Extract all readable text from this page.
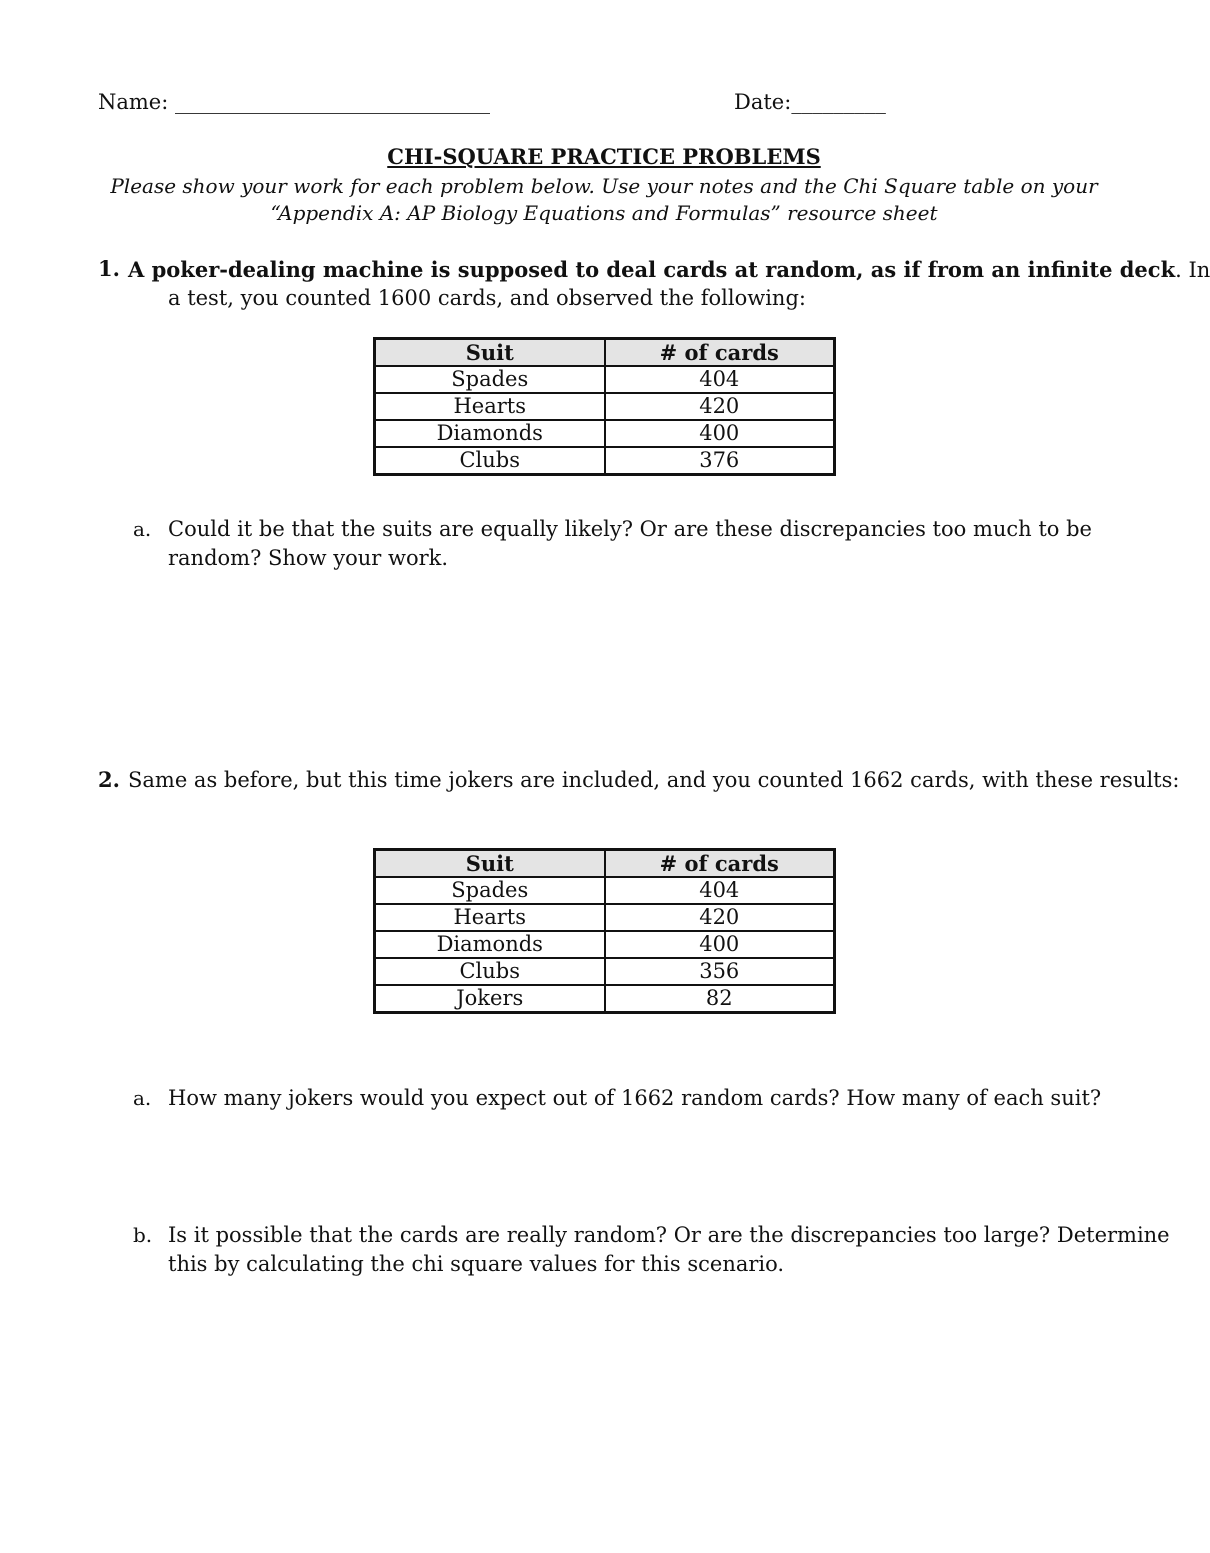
Name: ______________________________	Date:_________
CHI-SQUARE PRACTICE PROBLEMS
Please show your work for each problem below. Use your notes and the Chi Square table on your
“Appendix A: AP Biology Equations and Formulas” resource sheet
1. A poker-dealing machine is supposed to deal cards at random, as if from an infinite deck. In
a test, you counted 1600 cards, and observed the following:
Suit	# of cards
Spades	404
Hearts	420
Diamonds	400
Clubs	376
a. Could it be that the suits are equally likely? Or are these discrepancies too much to be
random? Show your work.
2. Same as before, but this time jokers are included, and you counted 1662 cards, with these results:
Suit	# of cards
Spades	404
Hearts	420
Diamonds	400
Clubs	356
Jokers	82
a. How many jokers would you expect out of 1662 random cards? How many of each suit?
b. Is it possible that the cards are really random? Or are the discrepancies too large? Determine
this by calculating the chi square values for this scenario.
